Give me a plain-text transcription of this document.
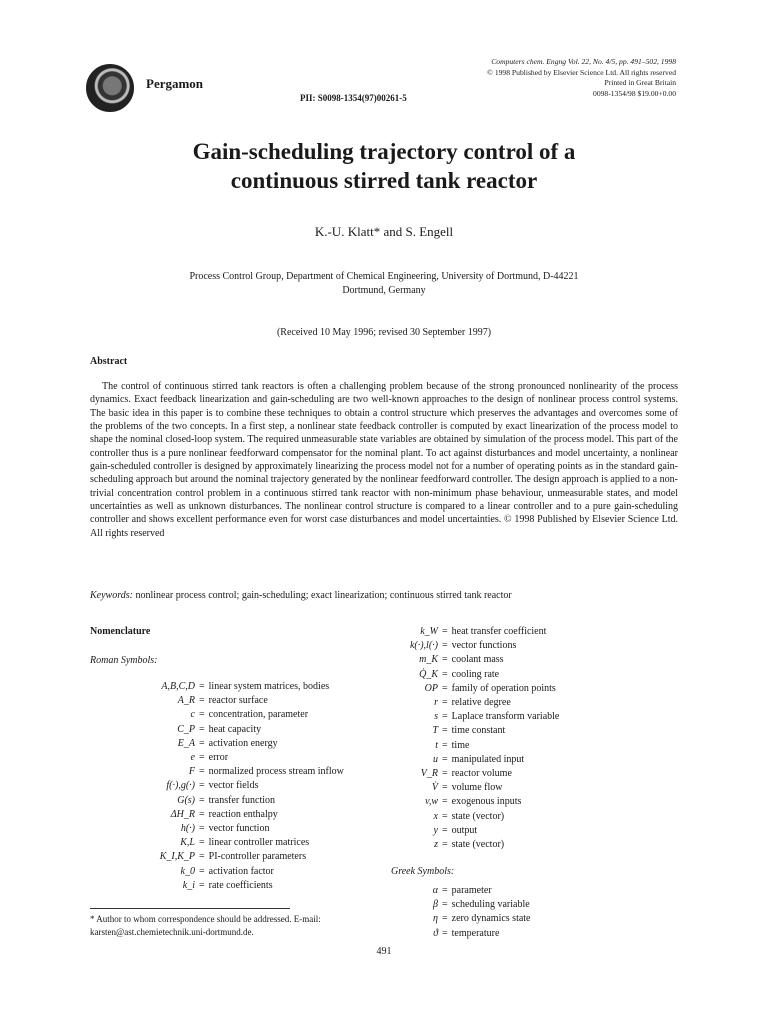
Pergamon
PII: S0098-1354(97)00261-5
Computers chem. Engng Vol. 22, No. 4/5, pp. 491–502, 1998
© 1998 Published by Elsevier Science Ltd. All rights reserved
Printed in Great Britain
0098-1354/98 $19.00+0.00
Gain-scheduling trajectory control of a
continuous stirred tank reactor
K.-U. Klatt* and S. Engell
Process Control Group, Department of Chemical Engineering, University of Dortmund, D-44221
Dortmund, Germany
(Received 10 May 1996; revised 30 September 1997)
Abstract
The control of continuous stirred tank reactors is often a challenging problem because of the strong pronounced nonlinearity of the process dynamics. Exact feedback linearization and gain-scheduling are two well-known approaches to the design of nonlinear process control systems. The basic idea in this paper is to combine these techniques to obtain a control structure which preserves the advantages and overcomes some of the problems of the two concepts. In a first step, a nonlinear state feedback controller is computed by exact linearization of the process model to shape the nominal closed-loop system. The required unmeasurable state variables are obtained by simulation of the process model. This part of the controller thus is a pure nonlinear feedforward compensator for the nominal plant. To act against disturbances and model uncertainty, a nonlinear gain-scheduled controller is designed by approximately linearizing the process model not for a number of operating points as in the standard gain-scheduling approach but around the nominal trajectory generated by the nonlinear feedforward controller. The design approach is applied to a non-trivial concentration control problem in a continuous stirred tank reactor with non-minimum phase behaviour, unmeasurable states, and model uncertainties as well as unknown disturbances. The nonlinear control structure is compared to a linear controller and to a pure gain-scheduling controller and shows excellent performance even for worst case disturbances and model uncertainties. © 1998 Published by Elsevier Science Ltd. All rights reserved
Keywords: nonlinear process control; gain-scheduling; exact linearization; continuous stirred tank reactor
Nomenclature
Roman Symbols:
A,B,C,D = linear system matrices, bodies
A_R = reactor surface
c = concentration, parameter
C_P = heat capacity
E_A = activation energy
e = error
F = normalized process stream inflow
f(·),g(·) = vector fields
G(s) = transfer function
ΔH_R = reaction enthalpy
h(·) = vector function
K,L = linear controller matrices
K_I,K_P = PI-controller parameters
k_0 = activation factor
k_i = rate coefficients
k_W = heat transfer coefficient
k(·),l(·) = vector functions
m_K = coolant mass
Q̇_K = cooling rate
OP = family of operation points
r = relative degree
s = Laplace transform variable
T = time constant
t = time
u = manipulated input
V_R = reactor volume
V̇ = volume flow
v,w = exogenous inputs
x = state (vector)
y = output
z = state (vector)
Greek Symbols:
α = parameter
β = scheduling variable
η = zero dynamics state
ϑ = temperature
* Author to whom correspondence should be addressed. E-mail:
karsten@ast.chemietechnik.uni-dortmund.de.
491
